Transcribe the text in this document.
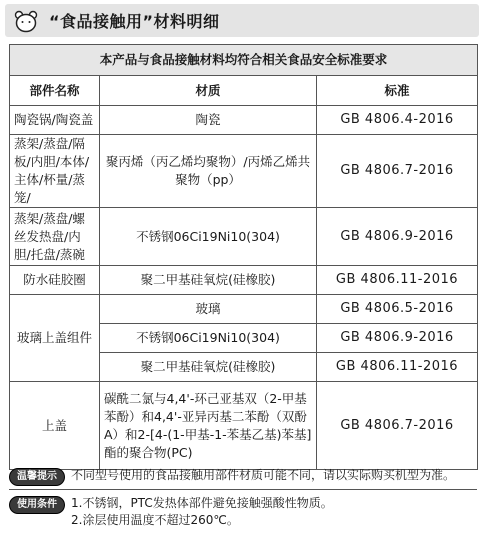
“食品接触用”材料明细
本产品与食品接触材料均符合相关食品安全标准要求		
部件名称	材质	标准
陶瓷锅/陶瓷盖	陶瓷	GB 4806.4-2016
蒸架/蒸盘/隔板/内胆/本体/主体/杯量/蒸笼/	聚丙烯（丙乙烯均聚物）/丙烯乙烯共聚物（pp）	GB 4806.7-2016
蒸架/蒸盘/螺丝发热盘/内胆/托盘/蒸碗	不锈钢06Ci19Ni10(304)	GB 4806.9-2016
防水硅胶圈	聚二甲基硅氧烷(硅橡胶)	GB 4806.11-2016
玻璃上盖组件	玻璃	GB 4806.5-2016
	不锈钢06Ci19Ni10(304)	GB 4806.9-2016
	聚二甲基硅氧烷(硅橡胶)	GB 4806.11-2016
上盖	碳酰二氯与4,4'-环己亚基双（2-甲基苯酚）和4,4'-亚异丙基二苯酚（双酚A）和2-[4-(1-甲基-1-苯基乙基)苯基]酯的聚合物(PC)	GB 4806.7-2016
温馨提示	不同型号使用的食品接触用部件材质可能不同，请以实际购买机型为准。
使用条件	1.不锈钢，PTC发热体部件避免接触强酸性物质。
2.涂层使用温度不超过260℃。
